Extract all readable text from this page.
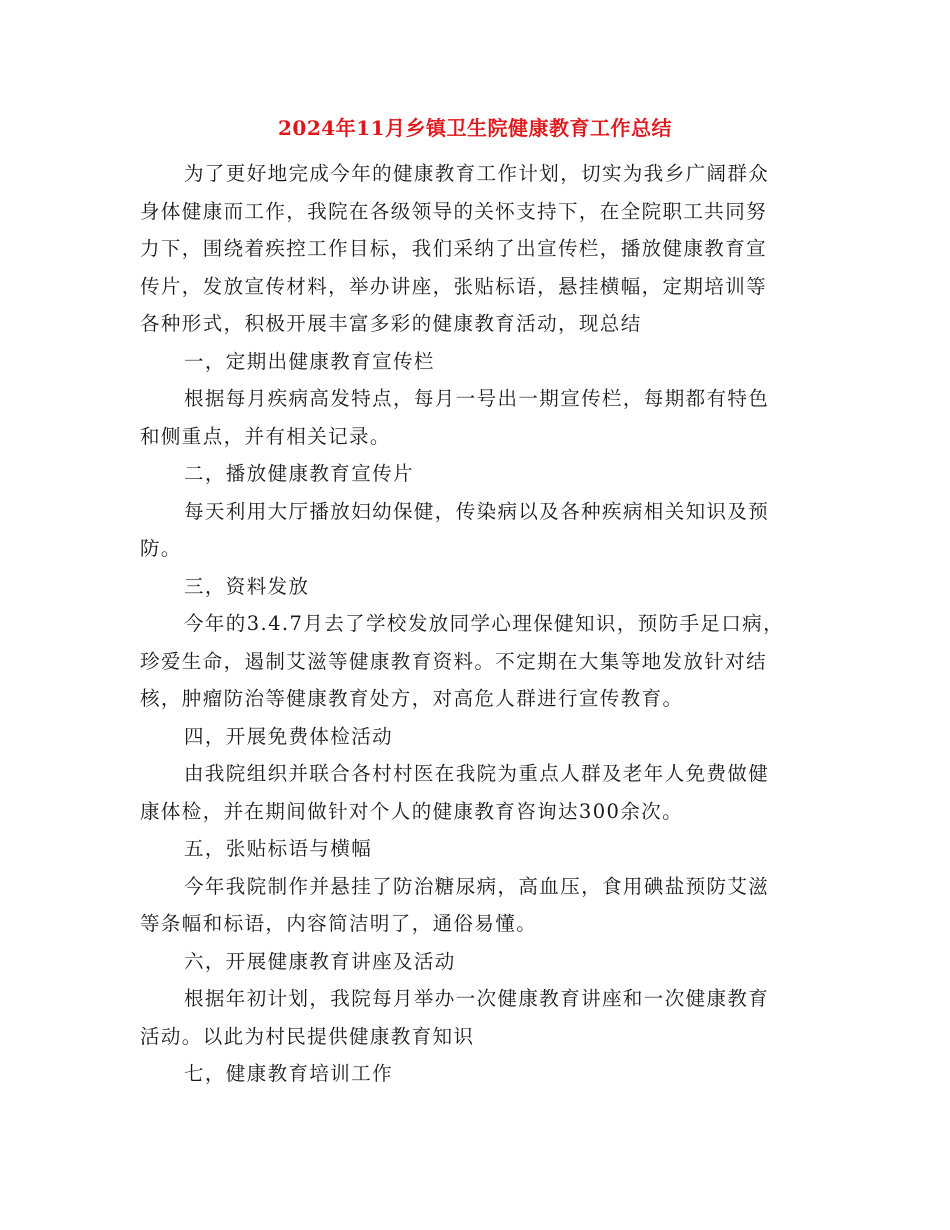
2024年11月乡镇卫生院健康教育工作总结

为了更好地完成今年的健康教育工作计划，切实为我乡广阔群众
身体健康而工作，我院在各级领导的关怀支持下，在全院职工共同努
力下，围绕着疾控工作目标，我们采纳了出宣传栏，播放健康教育宣
传片，发放宣传材料，举办讲座，张贴标语，悬挂横幅，定期培训等
各种形式，积极开展丰富多彩的健康教育活动，现总结

一，定期出健康教育宣传栏

根据每月疾病高发特点，每月一号出一期宣传栏，每期都有特色
和侧重点，并有相关记录。

二，播放健康教育宣传片

每天利用大厅播放妇幼保健，传染病以及各种疾病相关知识及预
防。

三，资料发放

今年的3.4.7月去了学校发放同学心理保健知识，预防手足口病，
珍爱生命，遏制艾滋等健康教育资料。不定期在大集等地发放针对结
核，肿瘤防治等健康教育处方，对高危人群进行宣传教育。

四，开展免费体检活动

由我院组织并联合各村村医在我院为重点人群及老年人免费做健
康体检，并在期间做针对个人的健康教育咨询达300余次。

五，张贴标语与横幅

今年我院制作并悬挂了防治糖尿病，高血压，食用碘盐预防艾滋
等条幅和标语，内容简洁明了，通俗易懂。

六，开展健康教育讲座及活动

根据年初计划，我院每月举办一次健康教育讲座和一次健康教育
活动。以此为村民提供健康教育知识

七，健康教育培训工作
